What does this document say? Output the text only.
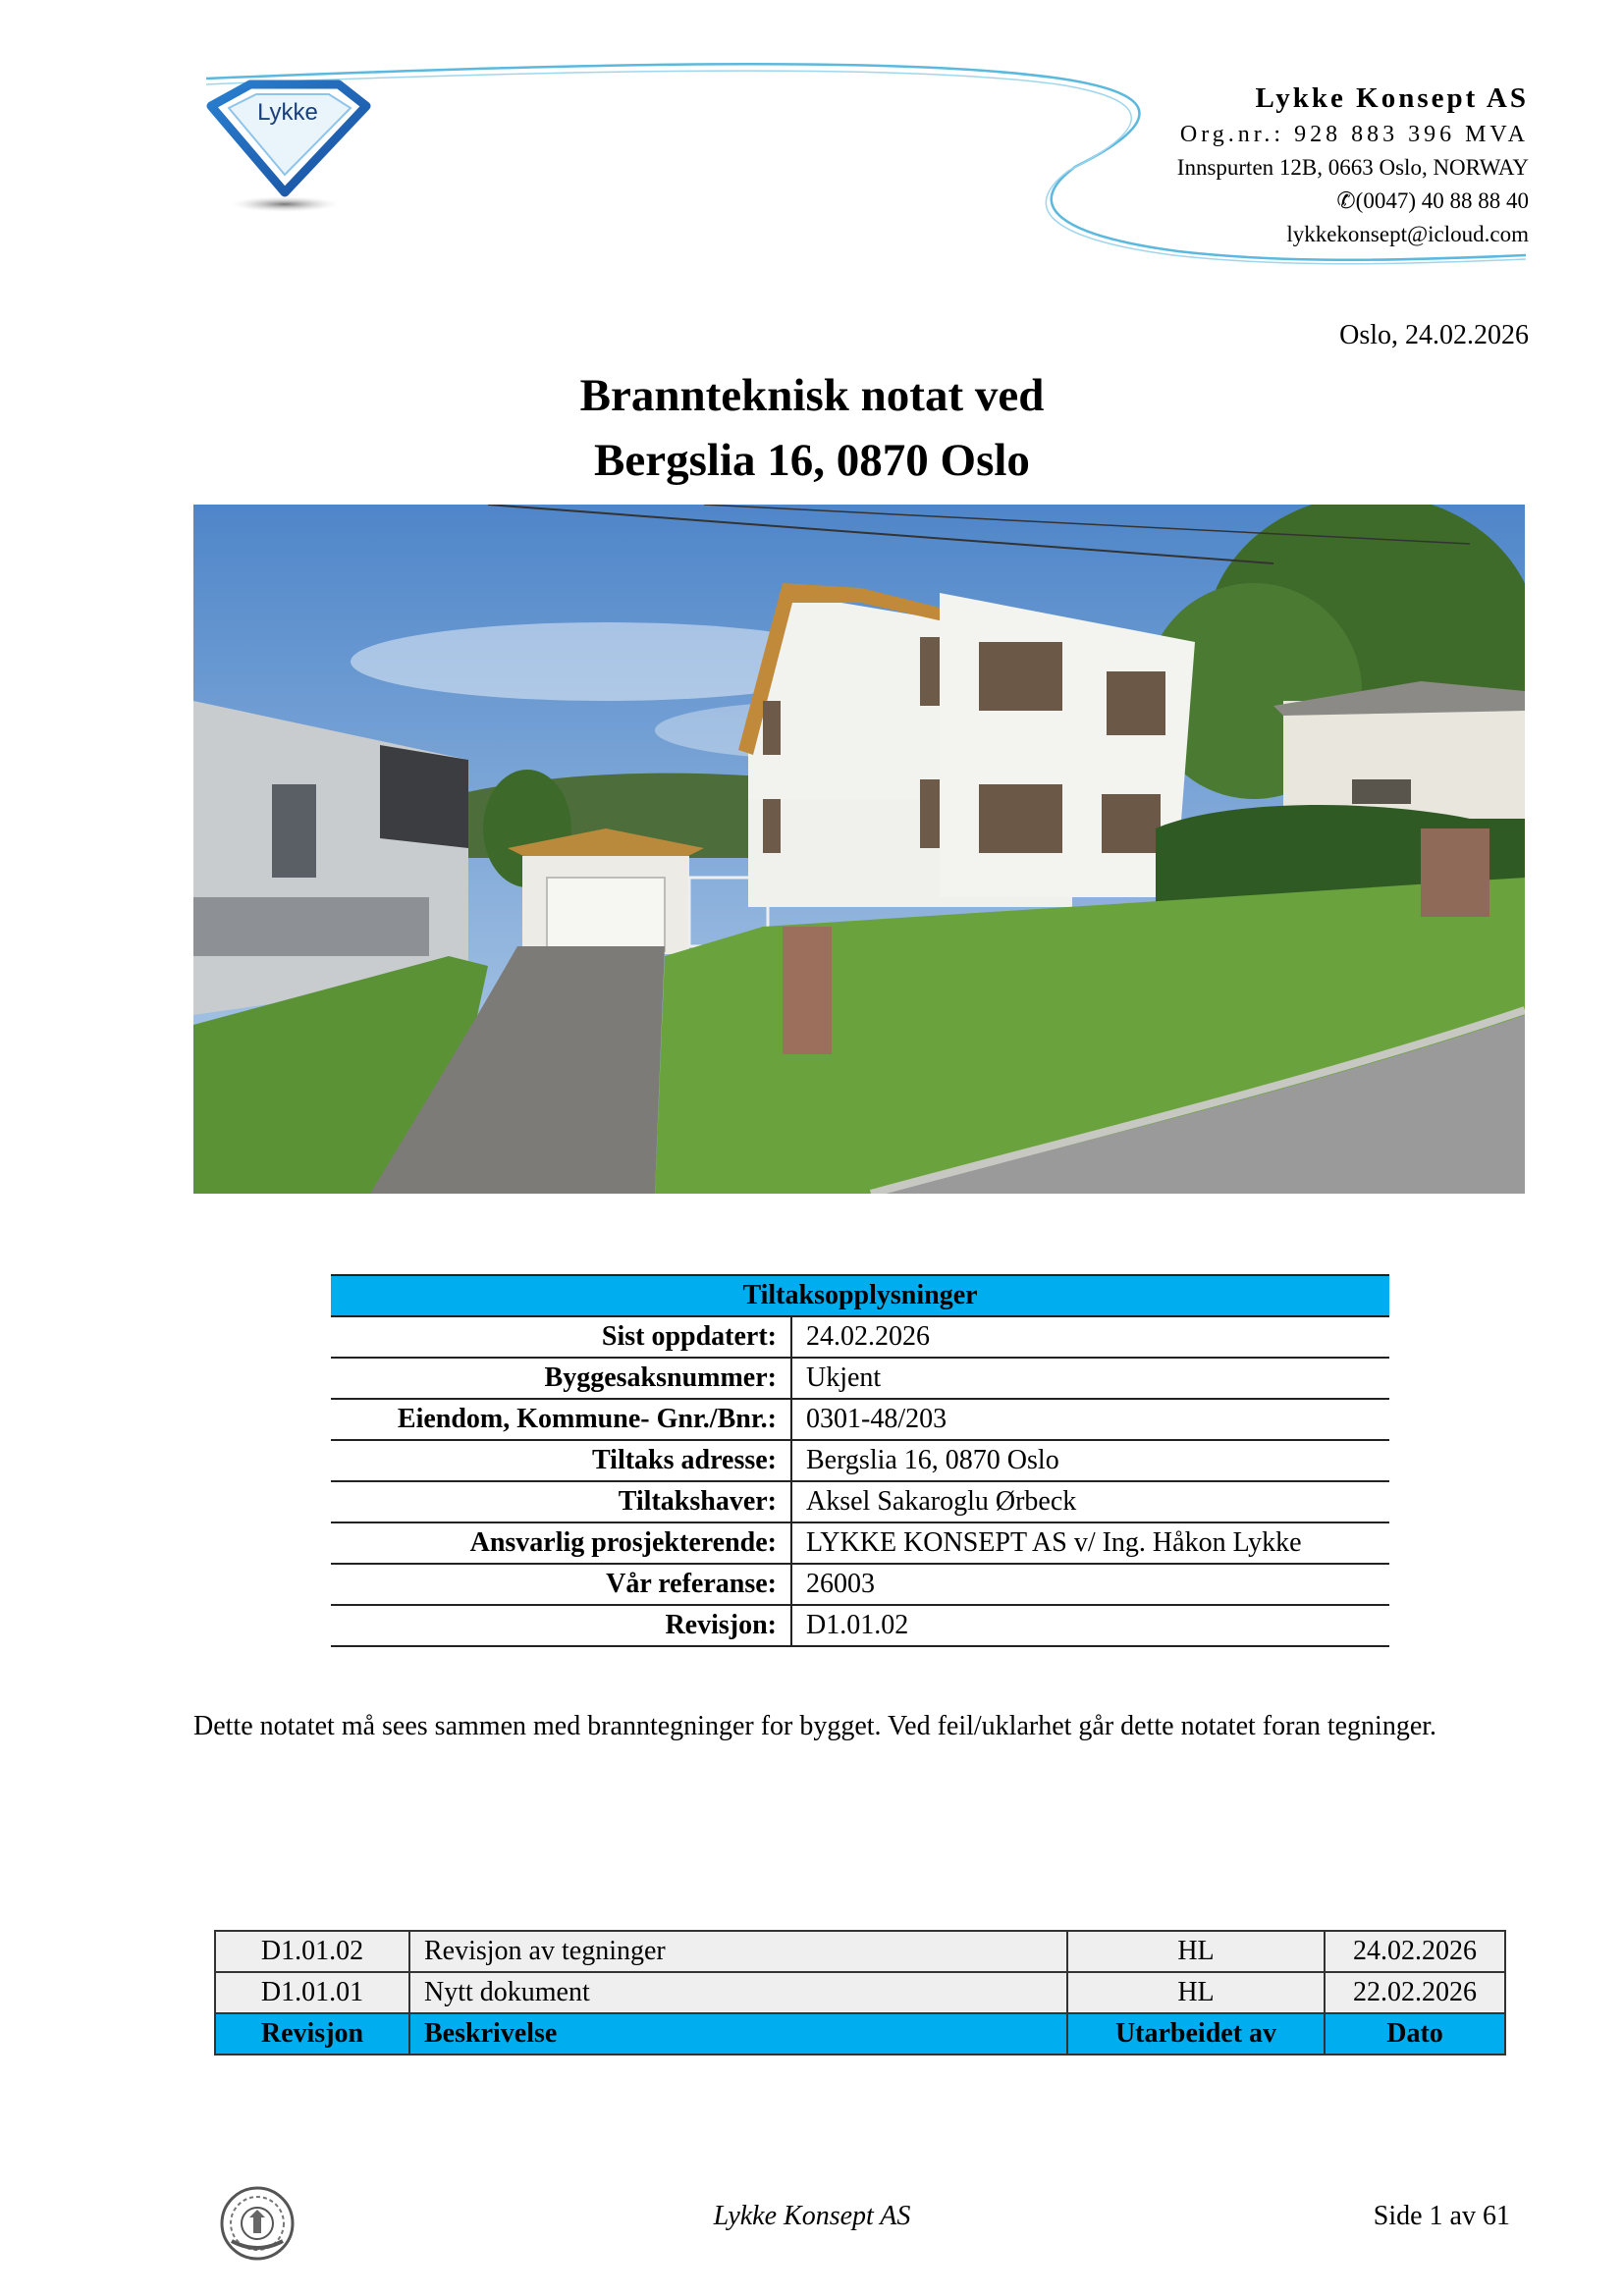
Lykke	Lykke Konsept AS
Org.nr.: 928 883 396 MVA
Innspurten 12B, 0663 Oslo, NORWAY
✆(0047) 40 88 88 40
lykkekonsept@icloud.com
Oslo, 24.02.2026
Brannteknisk notat ved
Bergslia 16, 0870 Oslo
Tiltaksopplysninger	
Sist oppdatert:	24.02.2026
Byggesaksnummer:	Ukjent
Eiendom, Kommune- Gnr./Bnr.:	0301-48/203
Tiltaks adresse:	Bergslia 16, 0870 Oslo
Tiltakshaver:	Aksel Sakaroglu Ørbeck
Ansvarlig prosjekterende:	LYKKE KONSEPT AS v/ Ing. Håkon Lykke
Vår referanse:	26003
Revisjon:	D1.01.02
Dette notatet må sees sammen med branntegninger for bygget. Ved feil/uklarhet går dette notatet foran tegninger.
D1.01.02	Revisjon av tegninger	HL	24.02.2026
D1.01.01	Nytt dokument	HL	22.02.2026
Revisjon	Beskrivelse	Utarbeidet av	Dato
Lykke Konsept AS	Side 1 av 61
